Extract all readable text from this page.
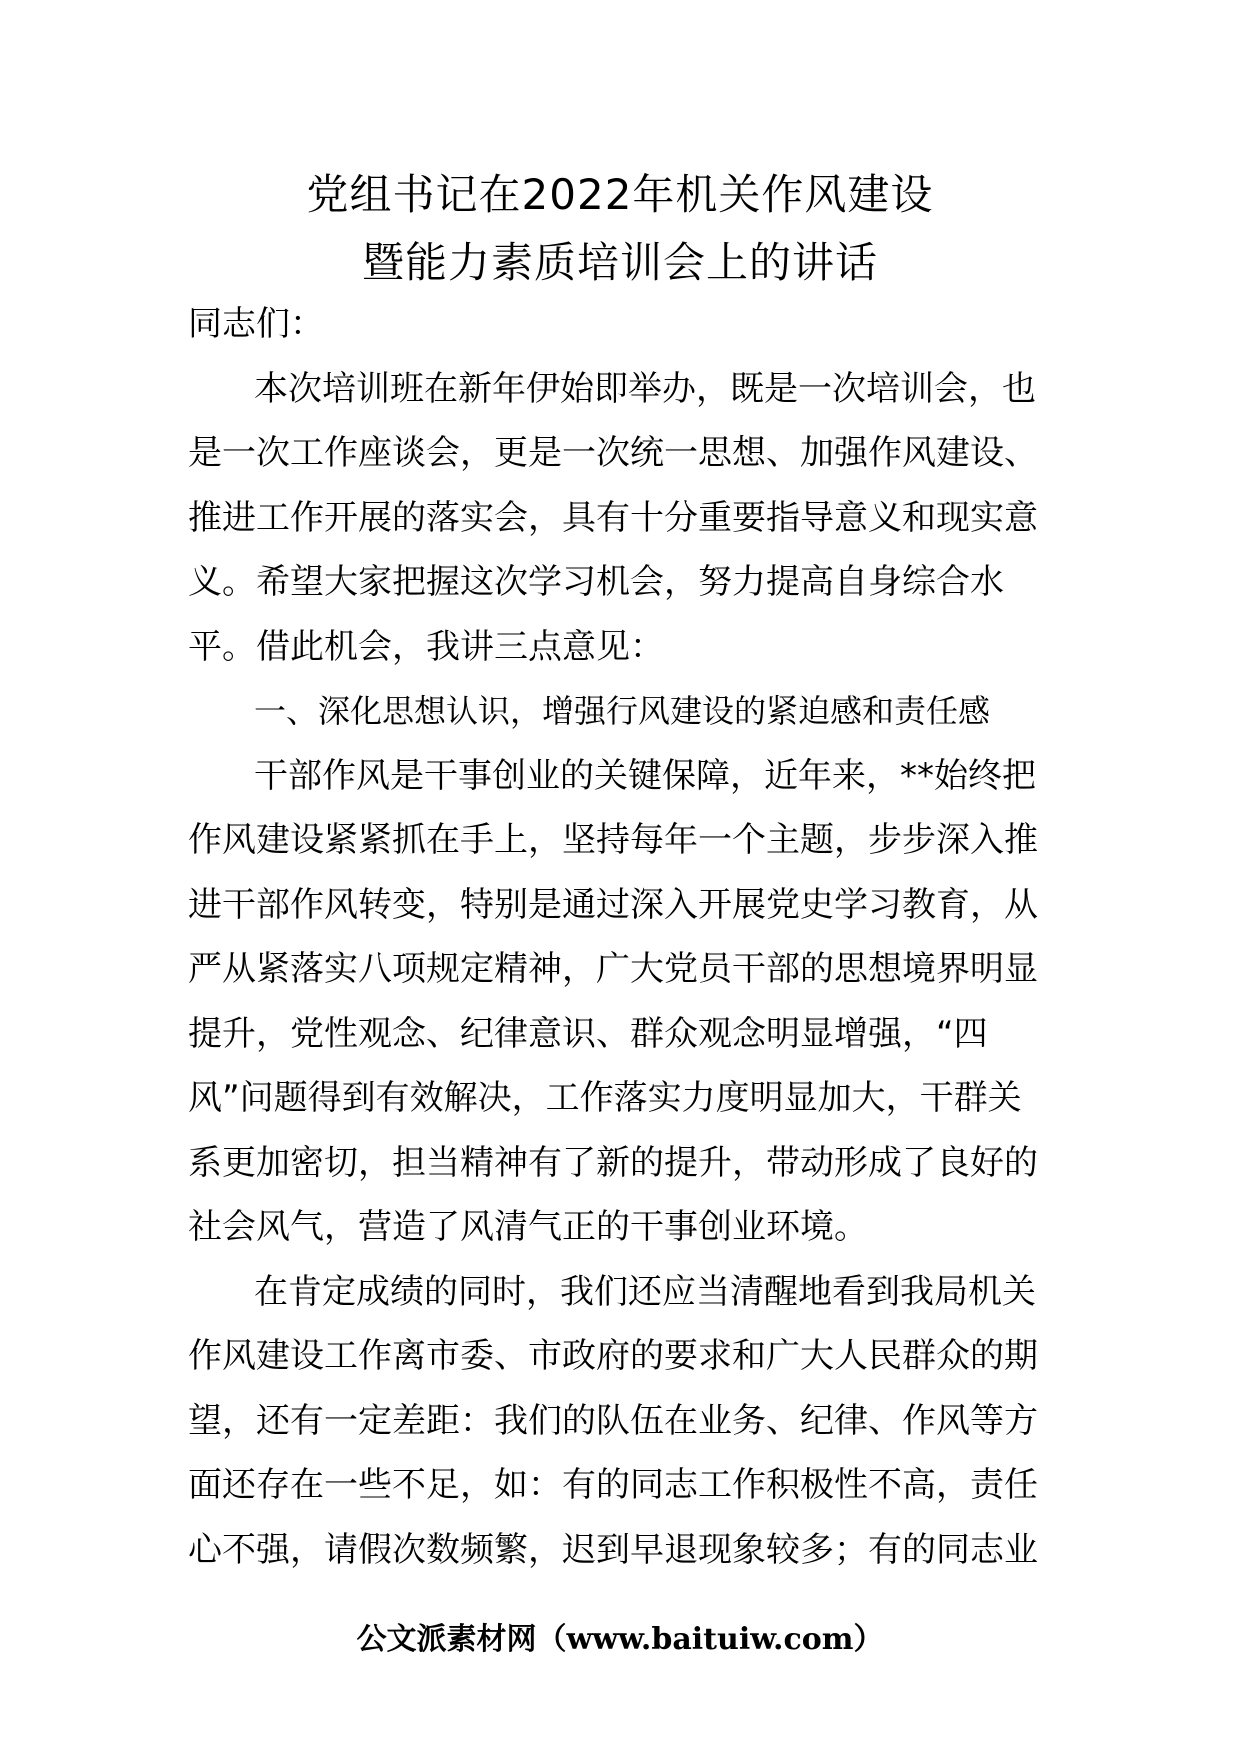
党组书记在2022年机关作风建设
暨能力素质培训会上的讲话
同志们：
本次培训班在新年伊始即举办，既是一次培训会，也
是一次工作座谈会，更是一次统一思想、加强作风建设、
推进工作开展的落实会，具有十分重要指导意义和现实意
义。希望大家把握这次学习机会，努力提高自身综合水
平。借此机会，我讲三点意见：
一、深化思想认识，增强行风建设的紧迫感和责任感
干部作风是干事创业的关键保障，近年来，**始终把
作风建设紧紧抓在手上，坚持每年一个主题，步步深入推
进干部作风转变，特别是通过深入开展党史学习教育，从
严从紧落实八项规定精神，广大党员干部的思想境界明显
提升，党性观念、纪律意识、群众观念明显增强，“四
风”问题得到有效解决，工作落实力度明显加大，干群关
系更加密切，担当精神有了新的提升，带动形成了良好的
社会风气，营造了风清气正的干事创业环境。
在肯定成绩的同时，我们还应当清醒地看到我局机关
作风建设工作离市委、市政府的要求和广大人民群众的期
望，还有一定差距：我们的队伍在业务、纪律、作风等方
面还存在一些不足，如：有的同志工作积极性不高，责任
心不强，请假次数频繁，迟到早退现象较多；有的同志业
公文派素材网（www.baituiw.com）
